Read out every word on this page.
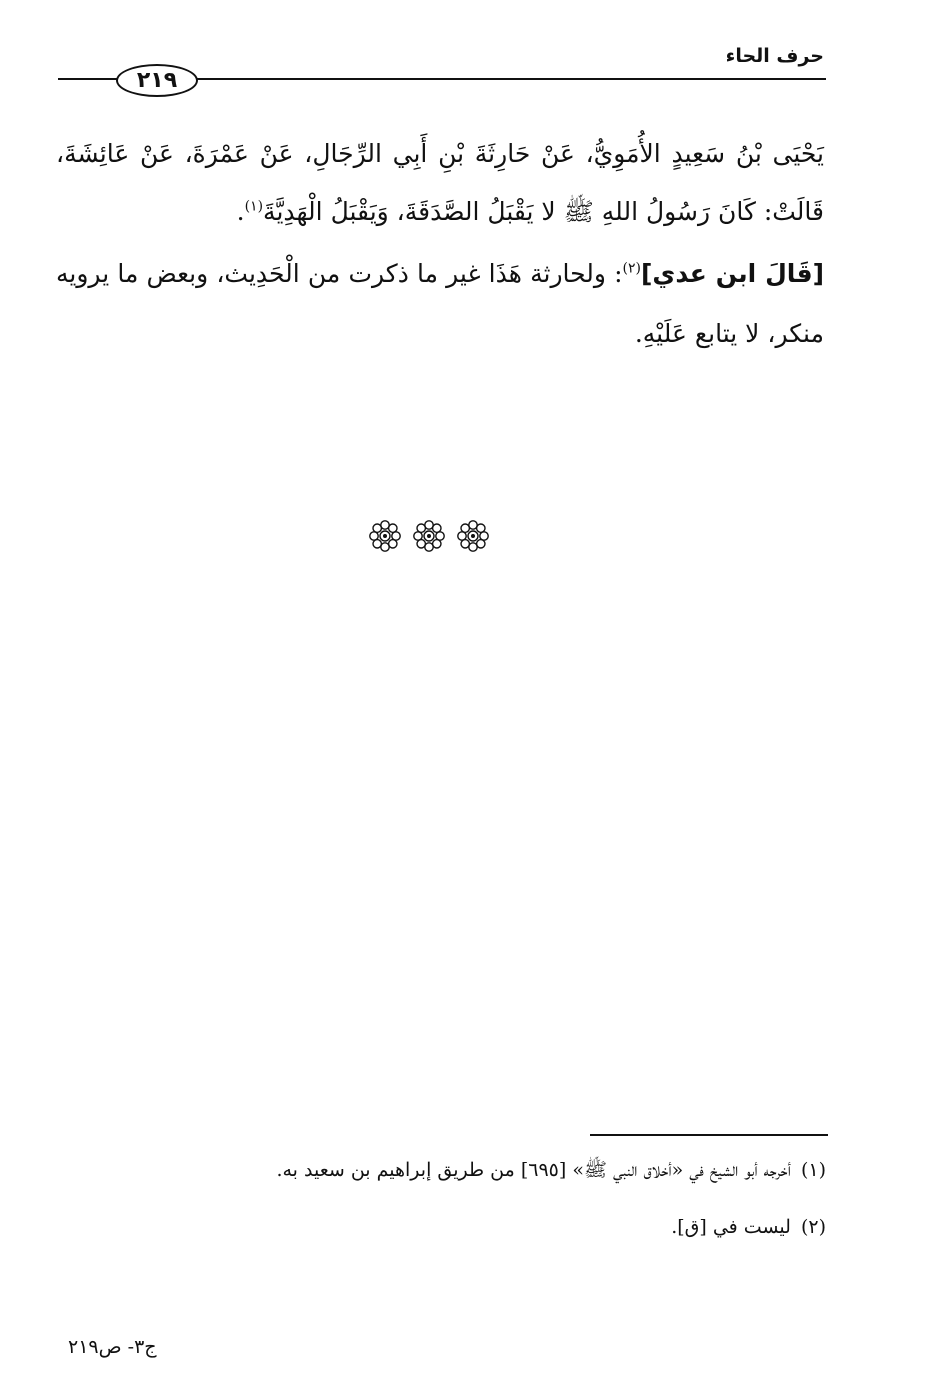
حرف الحاء
٢١٩
يَحْيَى بْنُ سَعِيدٍ الأُمَوِيُّ، عَنْ حَارِثَةَ بْنِ أَبِي الرِّجَالِ، عَنْ عَمْرَةَ، عَنْ عَائِشَةَ،
قَالَتْ: كَانَ رَسُولُ اللهِ ﷺ لا يَقْبَلُ الصَّدَقَةَ، وَيَقْبَلُ الْهَدِيَّةَ$^{(١)}$.
[قَالَ ابن عدي]$^{(٢)}$: ولحارثة هَذَا غير ما ذكرت من الْحَدِيث، وبعض ما يرويه
منكر، لا يتابع عَلَيْهِ.
(١)أخرجه أبو الشيخ في «أخلاق النبي ﷺ» [٦٩٥] من طريق إبراهيم بن سعيد به.
(٢)ليست في [ق].
ج٣- ص٢١٩
